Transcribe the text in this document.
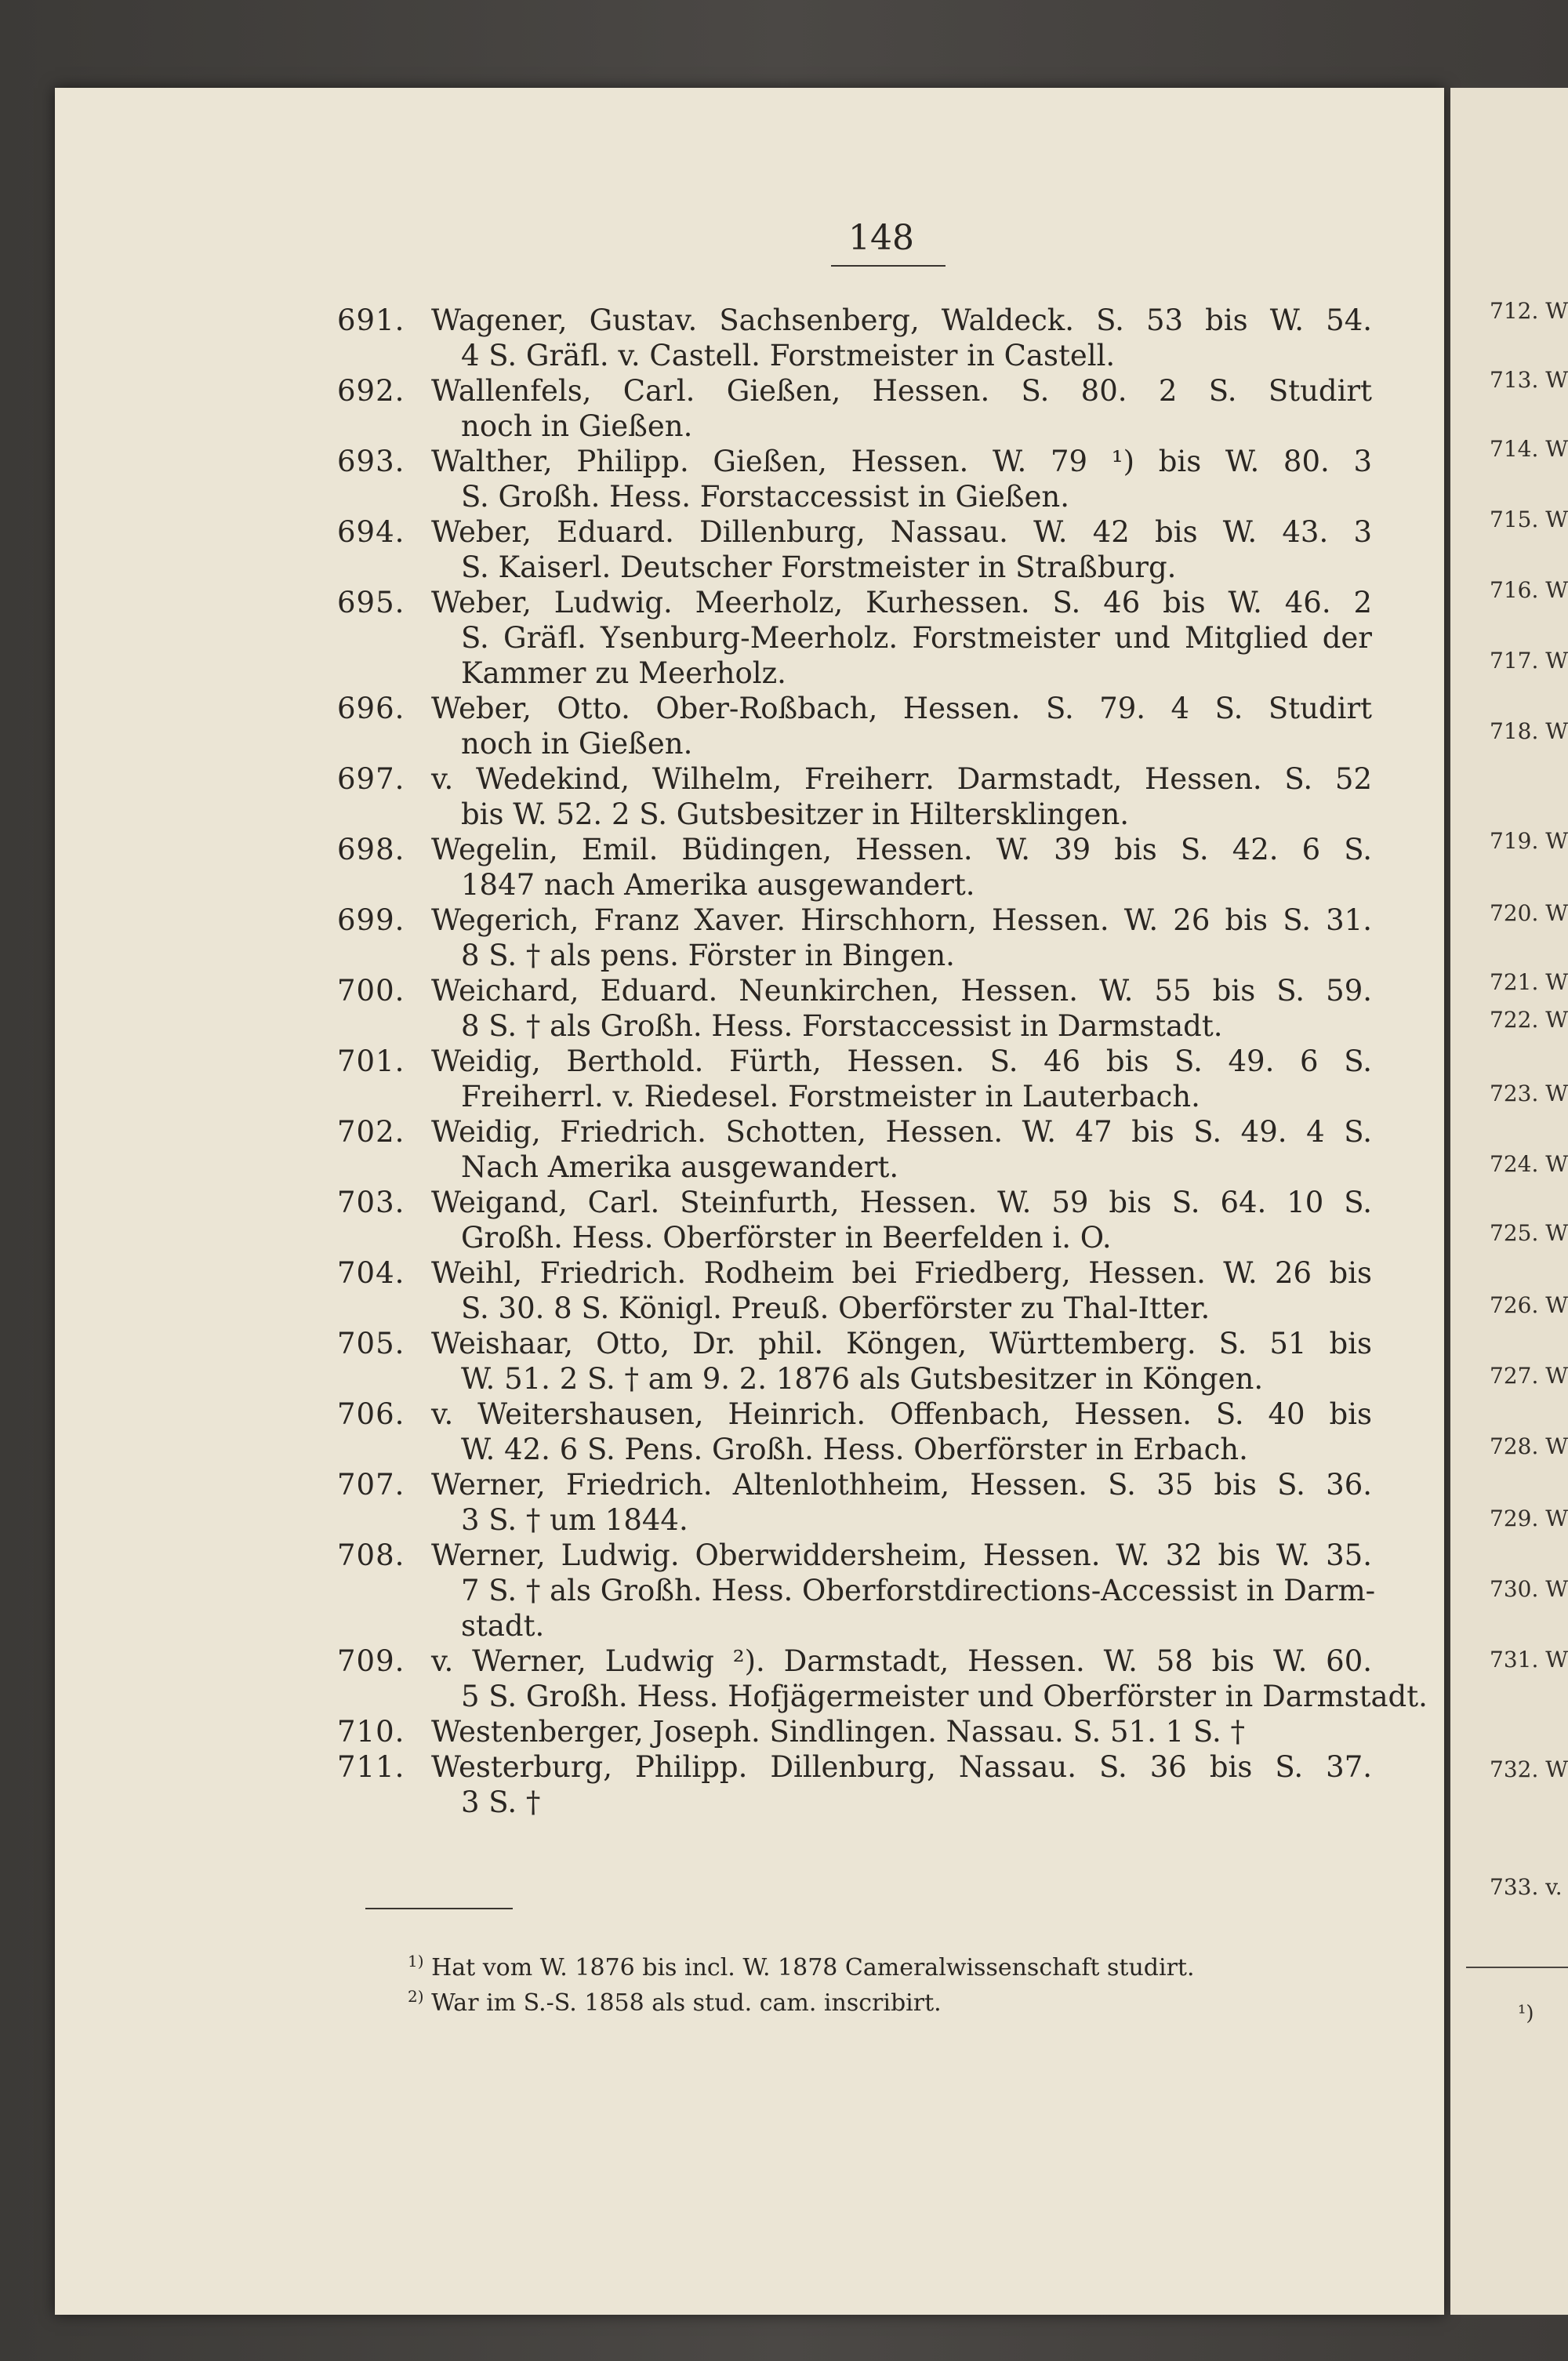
148
691. Wagener, Gustav. Sachsenberg, Waldeck. S. 53 bis W. 54.
4 S. Gräfl. v. Castell. Forstmeister in Castell.
692. Wallenfels, Carl. Gießen, Hessen. S. 80. 2 S. Studirt
noch in Gießen.
693. Walther, Philipp. Gießen, Hessen. W. 79 ¹) bis W. 80. 3
S. Großh. Hess. Forstaccessist in Gießen.
694. Weber, Eduard. Dillenburg, Nassau. W. 42 bis W. 43. 3
S. Kaiserl. Deutscher Forstmeister in Straßburg.
695. Weber, Ludwig. Meerholz, Kurhessen. S. 46 bis W. 46. 2
S. Gräfl. Ysenburg-Meerholz. Forstmeister und Mitglied der
Kammer zu Meerholz.
696. Weber, Otto. Ober-Roßbach, Hessen. S. 79. 4 S. Studirt
noch in Gießen.
697. v. Wedekind, Wilhelm, Freiherr. Darmstadt, Hessen. S. 52
bis W. 52. 2 S. Gutsbesitzer in Hiltersklingen.
698. Wegelin, Emil. Büdingen, Hessen. W. 39 bis S. 42. 6 S.
1847 nach Amerika ausgewandert.
699. Wegerich, Franz Xaver. Hirschhorn, Hessen. W. 26 bis S. 31.
8 S. † als pens. Förster in Bingen.
700. Weichard, Eduard. Neunkirchen, Hessen. W. 55 bis S. 59.
8 S. † als Großh. Hess. Forstaccessist in Darmstadt.
701. Weidig, Berthold. Fürth, Hessen. S. 46 bis S. 49. 6 S.
Freiherrl. v. Riedesel. Forstmeister in Lauterbach.
702. Weidig, Friedrich. Schotten, Hessen. W. 47 bis S. 49. 4 S.
Nach Amerika ausgewandert.
703. Weigand, Carl. Steinfurth, Hessen. W. 59 bis S. 64. 10 S.
Großh. Hess. Oberförster in Beerfelden i. O.
704. Weihl, Friedrich. Rodheim bei Friedberg, Hessen. W. 26 bis
S. 30. 8 S. Königl. Preuß. Oberförster zu Thal-Itter.
705. Weishaar, Otto, Dr. phil. Köngen, Württemberg. S. 51 bis
W. 51. 2 S. † am 9. 2. 1876 als Gutsbesitzer in Köngen.
706. v. Weitershausen, Heinrich. Offenbach, Hessen. S. 40 bis
W. 42. 6 S. Pens. Großh. Hess. Oberförster in Erbach.
707. Werner, Friedrich. Altenlothheim, Hessen. S. 35 bis S. 36.
3 S. † um 1844.
708. Werner, Ludwig. Oberwiddersheim, Hessen. W. 32 bis W. 35.
7 S. † als Großh. Hess. Oberforstdirections-Accessist in Darm-
stadt.
709. v. Werner, Ludwig ²). Darmstadt, Hessen. W. 58 bis W. 60.
5 S. Großh. Hess. Hofjägermeister und Oberförster in Darmstadt.
710. Westenberger, Joseph. Sindlingen. Nassau. S. 51. 1 S. †
711. Westerburg, Philipp. Dillenburg, Nassau. S. 36 bis S. 37.
3 S. †
$^{1)}$ Hat vom W. 1876 bis incl. W. 1878 Cameralwissenschaft studirt.
$^{2)}$ War im S.-S. 1858 als stud. cam. inscribirt.
712. W
713. W
714. W
715. W
716. W
717. W
718. W
719. W
720. W
721. W
722. W
723. W
724. W
725. W
726. W
727. W
728. W
729. W
730. W
731. W
732. W
733. v.
¹)
